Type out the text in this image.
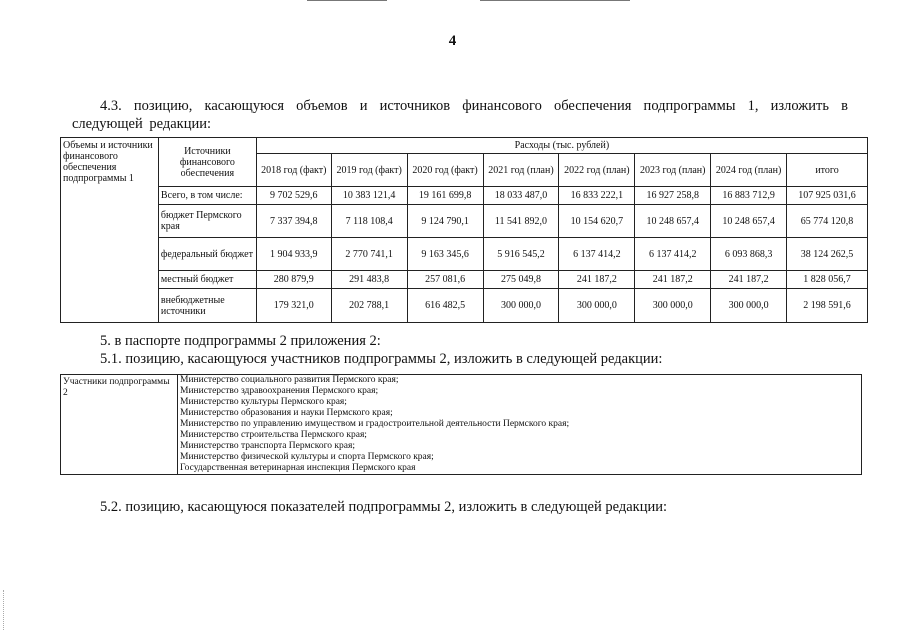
4
4.3. позицию, касающуюся объемов и источников финансового обеспечения подпрограммы 1, изложить в следующей редакции:
Объемы и источники финансового обеспечения подпрограммы 1	Источники финансового обеспечения	Расходы (тыс. рублей)							
		2018 год (факт)	2019 год (факт)	2020 год (факт)	2021 год (план)	2022 год (план)	2023 год (план)	2024 год (план)	итого
	Всего, в том числе:	9 702 529,6	10 383 121,4	19 161 699,8	18 033 487,0	16 833 222,1	16 927 258,8	16 883 712,9	107 925 031,6
	бюджет Пермского края	7 337 394,8	7 118 108,4	9 124 790,1	11 541 892,0	10 154 620,7	10 248 657,4	10 248 657,4	65 774 120,8
	федеральный бюджет	1 904 933,9	2 770 741,1	9 163 345,6	5 916 545,2	6 137 414,2	6 137 414,2	6 093 868,3	38 124 262,5
	местный бюджет	280 879,9	291 483,8	257 081,6	275 049,8	241 187,2	241 187,2	241 187,2	1 828 056,7
	внебюджетные источники	179 321,0	202 788,1	616 482,5	300 000,0	300 000,0	300 000,0	300 000,0	2 198 591,6
5. в паспорте подпрограммы 2 приложения 2:
5.1. позицию, касающуюся участников подпрограммы 2, изложить в следующей редакции:
Участники подпрограммы 2	Министерство социального развития Пермского края;
Министерство здравоохранения Пермского края;
Министерство культуры Пермского края;
Министерство образования и науки Пермского края;
Министерство по управлению имуществом и градостроительной деятельности Пермского края;
Министерство строительства Пермского края;
Министерство транспорта Пермского края;
Министерство физической культуры и спорта Пермского края;
Государственная ветеринарная инспекция Пермского края
5.2. позицию, касающуюся показателей подпрограммы 2, изложить в следующей редакции:
